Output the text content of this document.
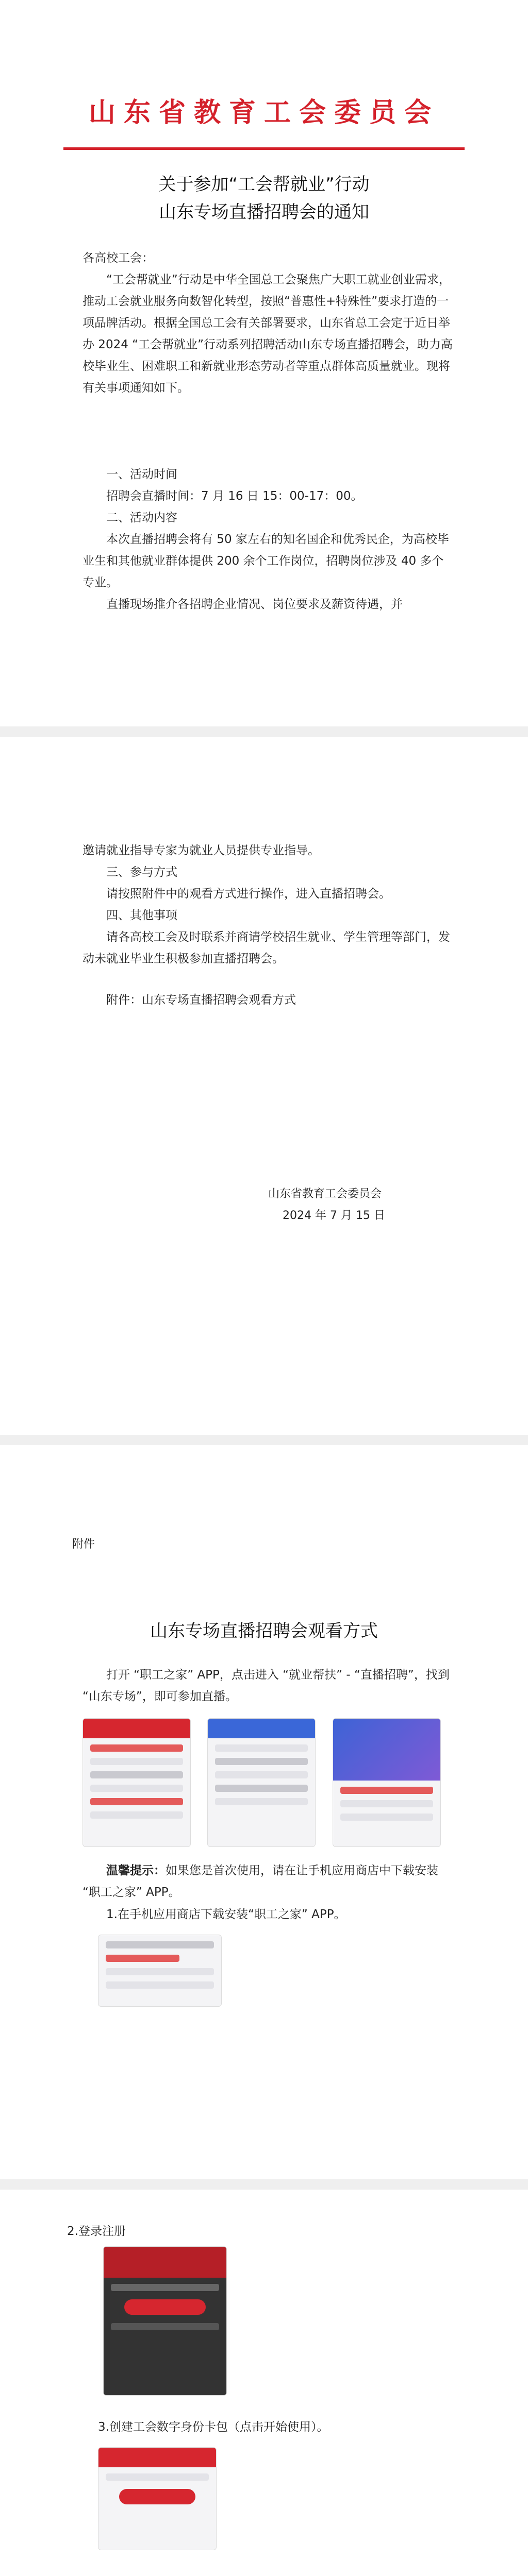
山东省教育工会委员会
关于参加“工会帮就业”行动
山东专场直播招聘会的通知
各高校工会：
“工会帮就业”行动是中华全国总工会聚焦广大职工就业创业需求，推动工会就业服务向数智化转型，按照“普惠性+特殊性”要求打造的一项品牌活动。根据全国总工会有关部署要求，山东省总工会定于近日举办 2024 “工会帮就业”行动系列招聘活动山东专场直播招聘会，助力高校毕业生、困难职工和新就业形态劳动者等重点群体高质量就业。现将有关事项通知如下。
一、活动时间
招聘会直播时间：7 月 16 日 15：00-17：00。
二、活动内容
本次直播招聘会将有 50 家左右的知名国企和优秀民企，为高校毕业生和其他就业群体提供 200 余个工作岗位，招聘岗位涉及 40 多个专业。
直播现场推介各招聘企业情况、岗位要求及薪资待遇，并
邀请就业指导专家为就业人员提供专业指导。
三、参与方式
请按照附件中的观看方式进行操作，进入直播招聘会。
四、其他事项
请各高校工会及时联系并商请学校招生就业、学生管理等部门，发动未就业毕业生积极参加直播招聘会。
附件：山东专场直播招聘会观看方式
山东省教育工会委员会
2024 年 7 月 15 日
附件
山东专场直播招聘会观看方式
打开 “职工之家” APP，点击进入 “就业帮扶” - “直播招聘”，找到 “山东专场”，即可参加直播。
温馨提示：如果您是首次使用，请在让手机应用商店中下载安装 “职工之家” APP。
1.在手机应用商店下载安装“职工之家” APP。
2.登录注册
3.创建工会数字身份卡包（点击开始使用）。
